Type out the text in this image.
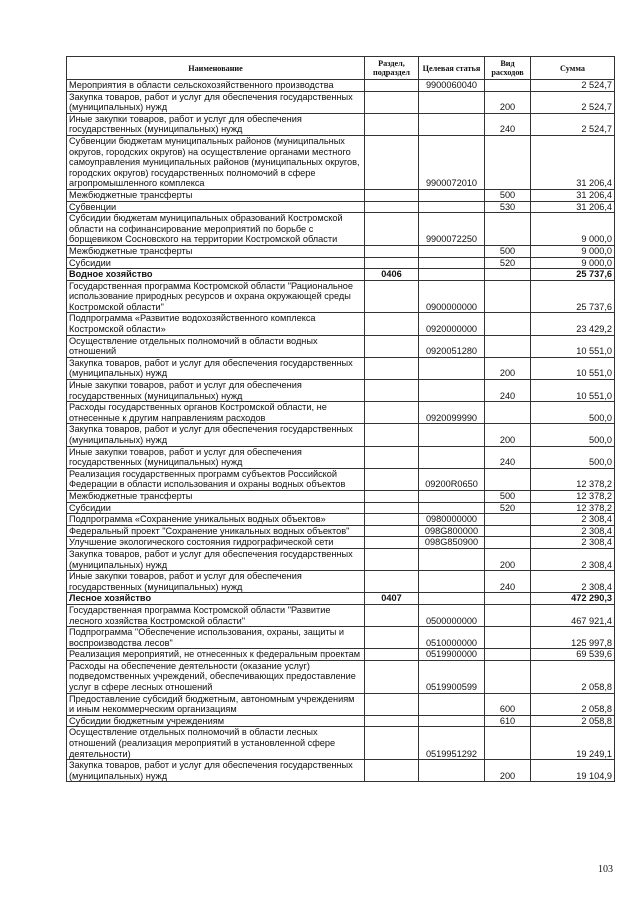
Наименование	Раздел, подраздел	Целевая статья	Вид расходов	Сумма
Мероприятия в области сельскохозяйственного производства		9900060040		2 524,7
Закупка товаров, работ и услуг для обеспечения государственных (муниципальных) нужд			200	2 524,7
Иные закупки товаров, работ и услуг для обеспечения государственных (муниципальных) нужд			240	2 524,7
Субвенции бюджетам муниципальных районов (муниципальных округов, городских округов) на осуществление органами местного самоуправления муниципальных районов (муниципальных округов, городских округов) государственных полномочий в сфере агропромышленного комплекса		9900072010		31 206,4
Межбюджетные трансферты			500	31 206,4
Субвенции			530	31 206,4
Субсидии бюджетам муниципальных образований Костромской области на софинансирование мероприятий по борьбе с борщевиком Сосновского на территории Костромской области		9900072250		9 000,0
Межбюджетные трансферты			500	9 000,0
Субсидии			520	9 000,0
Водное хозяйство	0406			25 737,6
Государственная программа Костромской области "Рациональное использование природных ресурсов и охрана окружающей среды Костромской области"		0900000000		25 737,6
Подпрограмма «Развитие водохозяйственного комплекса Костромской области»		0920000000		23 429,2
Осуществление отдельных полномочий в области водных отношений		0920051280		10 551,0
Закупка товаров, работ и услуг для обеспечения государственных (муниципальных) нужд			200	10 551,0
Иные закупки товаров, работ и услуг для обеспечения государственных (муниципальных) нужд			240	10 551,0
Расходы государственных органов Костромской области, не отнесенные к другим направлениям расходов		0920099990		500,0
Закупка товаров, работ и услуг для обеспечения государственных (муниципальных) нужд			200	500,0
Иные закупки товаров, работ и услуг для обеспечения государственных (муниципальных) нужд			240	500,0
Реализация государственных программ субъектов Российской Федерации в области использования и охраны водных объектов		09200R0650		12 378,2
Межбюджетные трансферты			500	12 378,2
Субсидии			520	12 378,2
Подпрограмма «Сохранение уникальных водных объектов»		0980000000		2 308,4
Федеральный проект "Сохранение уникальных водных объектов"		098G800000		2 308,4
Улучшение экологического состояния гидрографической сети		098G850900		2 308,4
Закупка товаров, работ и услуг для обеспечения государственных (муниципальных) нужд			200	2 308,4
Иные закупки товаров, работ и услуг для обеспечения государственных (муниципальных) нужд			240	2 308,4
Лесное хозяйство	0407			472 290,3
Государственная программа Костромской области "Развитие лесного хозяйства Костромской области"		0500000000		467 921,4
Подпрограмма "Обеспечение использования, охраны, защиты и воспроизводства лесов"		0510000000		125 997,8
Реализация мероприятий, не отнесенных к федеральным проектам		0519900000		69 539,6
Расходы на обеспечение деятельности (оказание услуг) подведомственных учреждений, обеспечивающих предоставление услуг в сфере лесных отношений		0519900599		2 058,8
Предоставление субсидий бюджетным, автономным учреждениям и иным некоммерческим организациям			600	2 058,8
Субсидии бюджетным учреждениям			610	2 058,8
Осуществление отдельных полномочий в области лесных отношений (реализация мероприятий в установленной сфере деятельности)		0519951292		19 249,1
Закупка товаров, работ и услуг для обеспечения государственных (муниципальных) нужд			200	19 104,9
103
